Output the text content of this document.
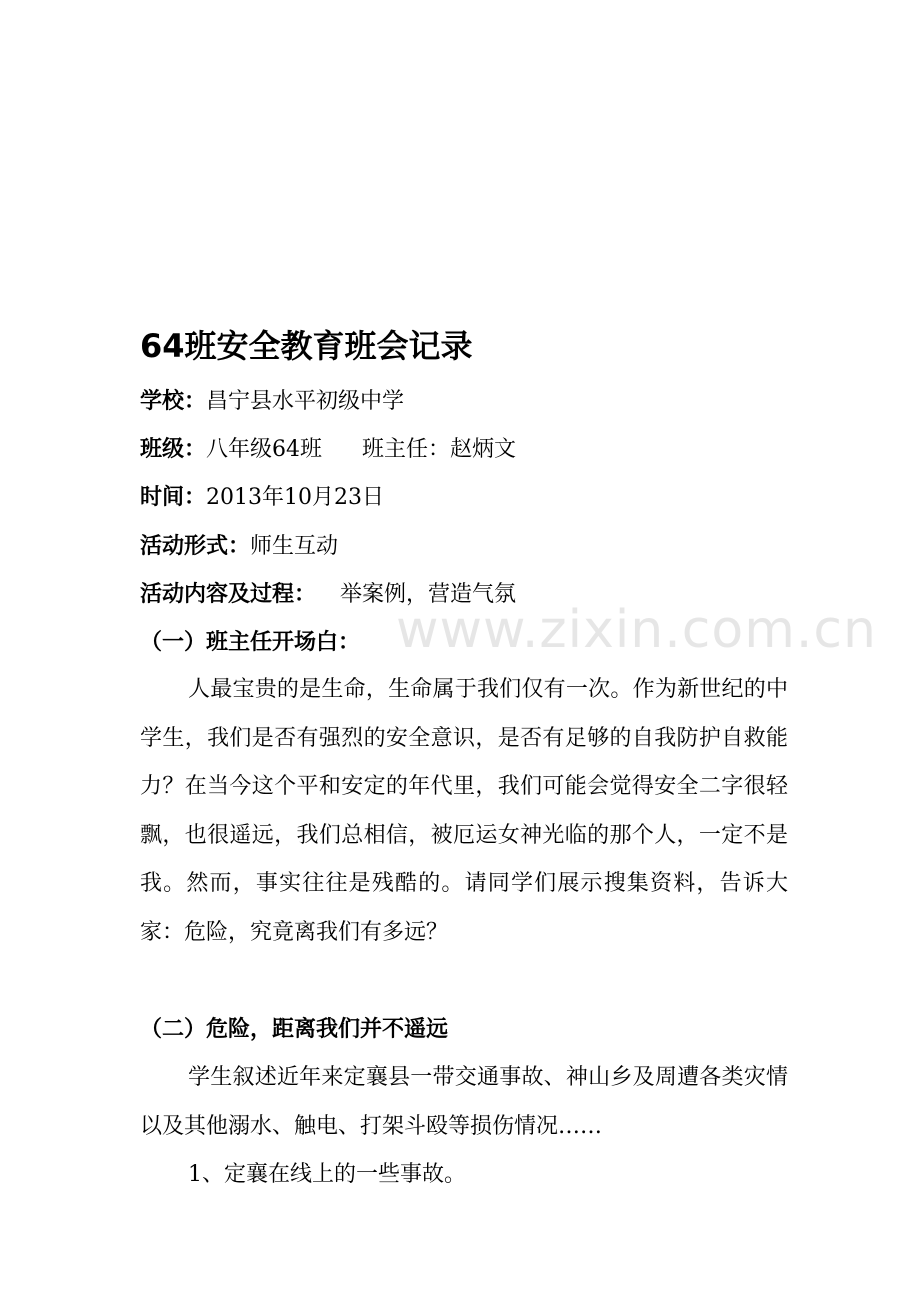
www.zixin.com.cn
64班安全教育班会记录

学校：昌宁县水平初级中学

班级：八年级64班 班主任：赵炳文

时间：2013年10月23日

活动形式：师生互动

活动内容及过程： 举案例，营造气氛

（一）班主任开场白：

人最宝贵的是生命，生命属于我们仅有一次。作为新世纪的中学生，我们是否有强烈的安全意识，是否有足够的自我防护自救能力？在当今这个平和安定的年代里，我们可能会觉得安全二字很轻飘，也很遥远，我们总相信，被厄运女神光临的那个人，一定不是我。然而，事实往往是残酷的。请同学们展示搜集资料，告诉大家：危险，究竟离我们有多远？

（二）危险，距离我们并不遥远

学生叙述近年来定襄县一带交通事故、神山乡及周遭各类灾情以及其他溺水、触电、打架斗殴等损伤情况……

1、定襄在线上的一些事故。
